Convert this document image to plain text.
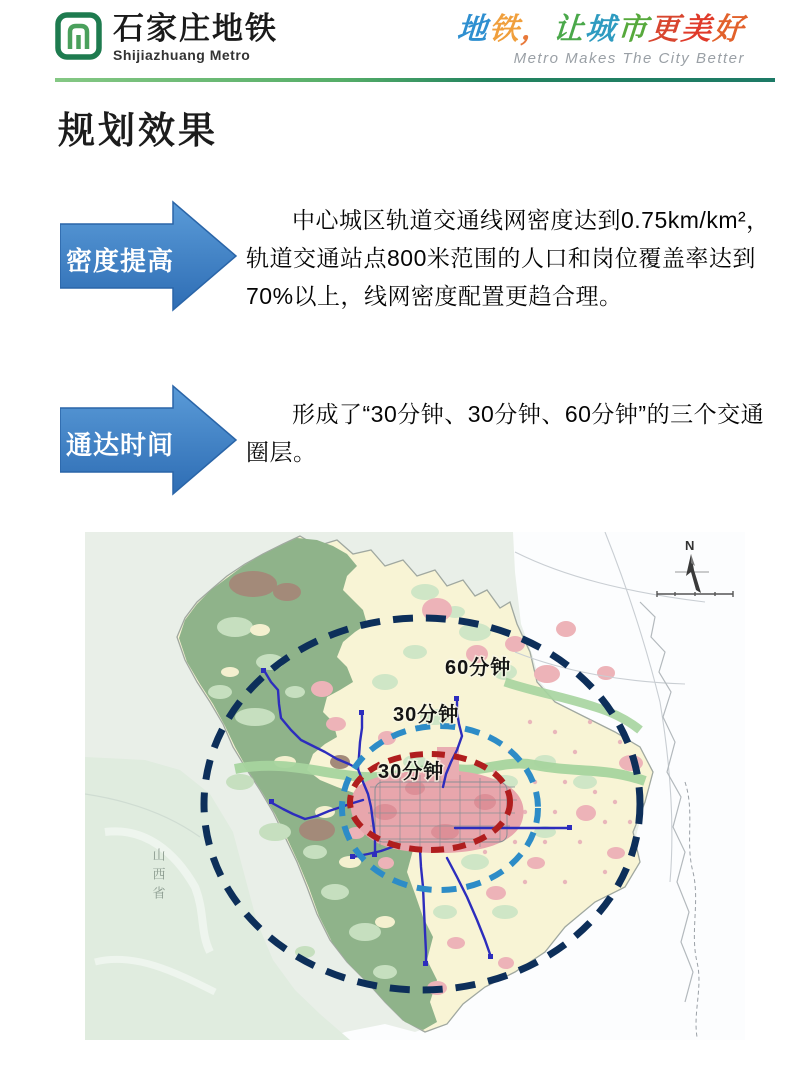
石家庄地铁
Shijiazhuang Metro
地铁，让城市更美好
Metro Makes The City Better
规划效果
密度提高

中心城区轨道交通线网密度达到0.75km/km²，轨道交通站点800米范围的人口和岗位覆盖率达到70%以上，线网密度配置更趋合理。

通达时间

形成了“30分钟、30分钟、60分钟”的三个交通圈层。

60分钟
30分钟
30分钟
山西省
N
